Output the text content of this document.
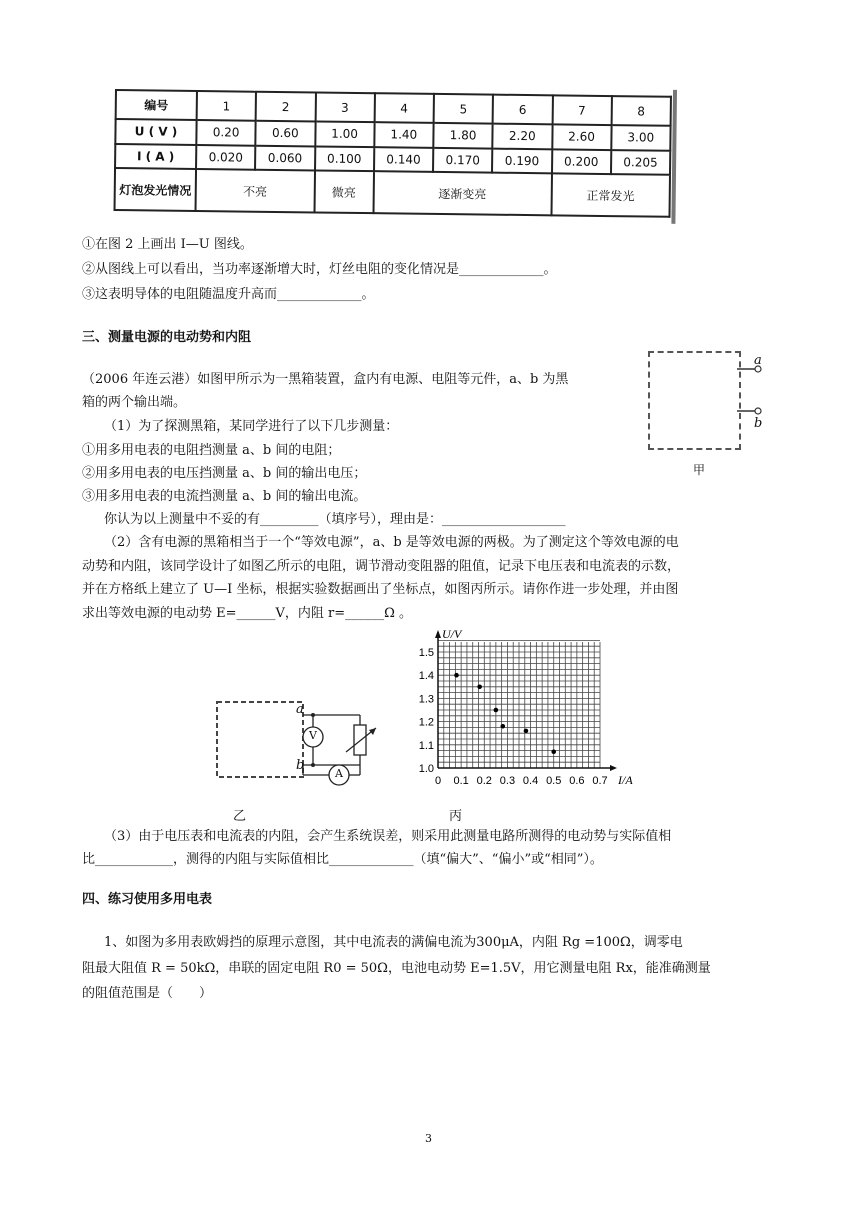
编号	1	2	3	4	5	6	7	8
U ( V )	0.20	0.60	1.00	1.40	1.80	2.20	2.60	3.00
I ( A )	0.020	0.060	0.100	0.140	0.170	0.190	0.200	0.205
灯泡发光情况	不亮		微亮	逐渐变亮			正常发光	
①在图 2 上画出 I—U 图线。
②从图线上可以看出，当功率逐渐增大时，灯丝电阻的变化情况是_____________。
③这表明导体的电阻随温度升高而_____________。
三、测量电源的电动势和内阻
（2006 年连云港）如图甲所示为一黑箱装置，盒内有电源、电阻等元件，a、b 为黑
箱的两个输出端。
（1）为了探测黑箱，某同学进行了以下几步测量：
①用多用电表的电阻挡测量 a、b 间的电阻；
②用多用电表的电压挡测量 a、b 间的输出电压；
③用多用电表的电流挡测量 a、b 间的输出电流。
你认为以上测量中不妥的有_________（填序号），理由是：___________________
（2）含有电源的黑箱相当于一个“等效电源”，a、b 是等效电源的两极。为了测定这个等效电源的电
动势和内阻，该同学设计了如图乙所示的电阻，调节滑动变阻器的阻值，记录下电压表和电流表的示数，
并在方格纸上建立了 U—I 坐标，根据实验数据画出了坐标点，如图丙所示。请你作进一步处理，并由图
求出等效电源的电动势 E=______V，内阻 r=______Ω 。
a
b
甲
a
b
V
A
乙
1.0
1.1
1.2
1.3
1.4
1.5
0 0.1 0.2 0.3 0.4 0.5 0.6 0.7
U/V
I/A
丙
（3）由于电压表和电流表的内阻，会产生系统误差，则采用此测量电路所测得的电动势与实际值相
比____________，测得的内阻与实际值相比_____________（填“偏大”、“偏小”或“相同”）。
四、练习使用多用电表
1、如图为多用表欧姆挡的原理示意图，其中电流表的满偏电流为300μA，内阻 Rg =100Ω，调零电
阻最大阻值 R = 50kΩ，串联的固定电阻 R0 = 50Ω，电池电动势 E=1.5V，用它测量电阻 Rx，能准确测量
的阻值范围是（　　）
3
